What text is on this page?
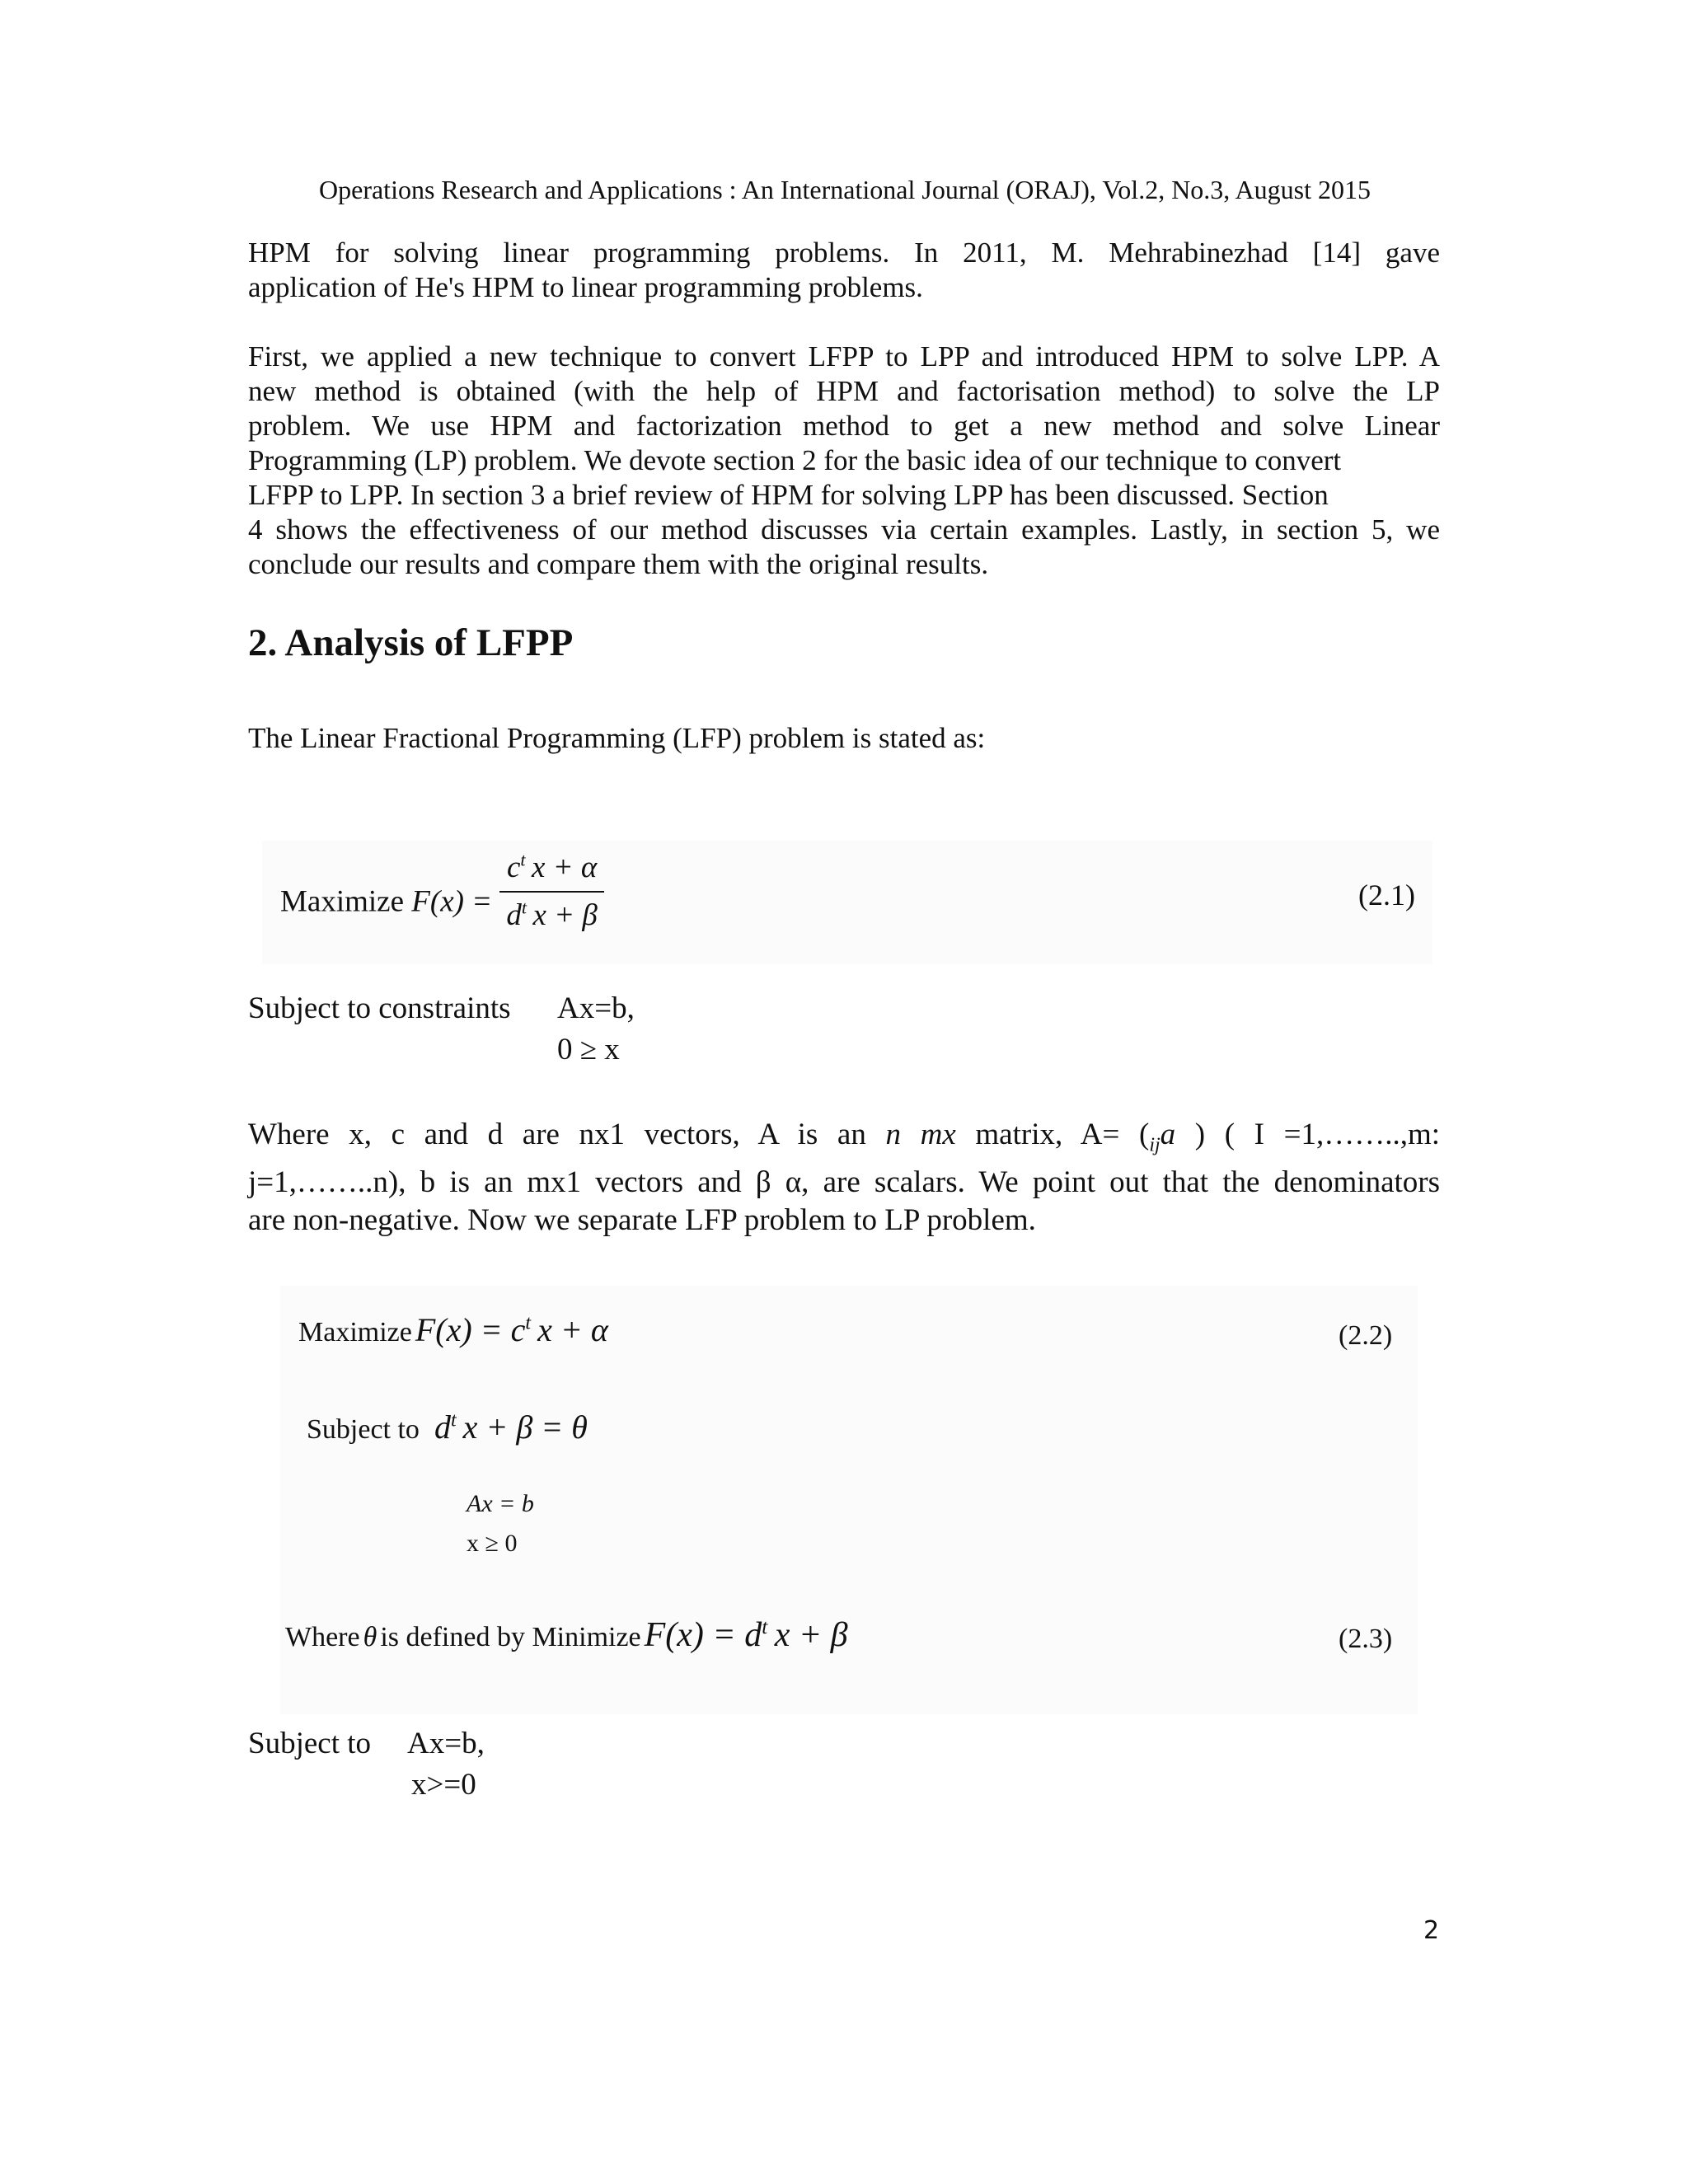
Operations Research and Applications : An International Journal (ORAJ), Vol.2, No.3, August 2015
HPM for solving linear programming problems. In 2011, M. Mehrabinezhad [14] gave
application of He's HPM to linear programming problems.
First, we applied a new technique to convert LFPP to LPP and introduced HPM to solve LPP. A
new method is obtained (with the help of HPM and factorisation method) to solve the LP
problem. We use HPM and factorization method to get a new method and solve Linear
Programming (LP) problem. We devote section 2 for the basic idea of our technique to convert
LFPP to LPP. In section 3 a brief review of HPM for solving LPP has been discussed. Section
4 shows the effectiveness of our method discusses via certain examples. Lastly, in section 5, we
conclude our results and compare them with the original results.
2. Analysis of LFPP
The Linear Fractional Programming (LFP) problem is stated as:
Maximize $F(x) = \frac{c^t x + \alpha}{d^t x + \beta}$	(2.1)
Subject to constraints Ax=b,
0 ≥ x
Where x, c and d are nx1 vectors, A is an n mx matrix, $A= (_{ij}a$ ) ( I =1,……..,m:
j=1,……..n), b is an mx1 vectors and β α, are scalars. We point out that the denominators
are non-negative. Now we separate LFP problem to LP problem.
Maximize $F(x) = c^t$  x + α	(2.2)
Subject to $d^t$  x + β = θ
Ax = b
x ≥ 0
Where θ is defined by Minimize $F(x) = d^t$  x + β	(2.3)
Subject to Ax=b,
x>=0
2
